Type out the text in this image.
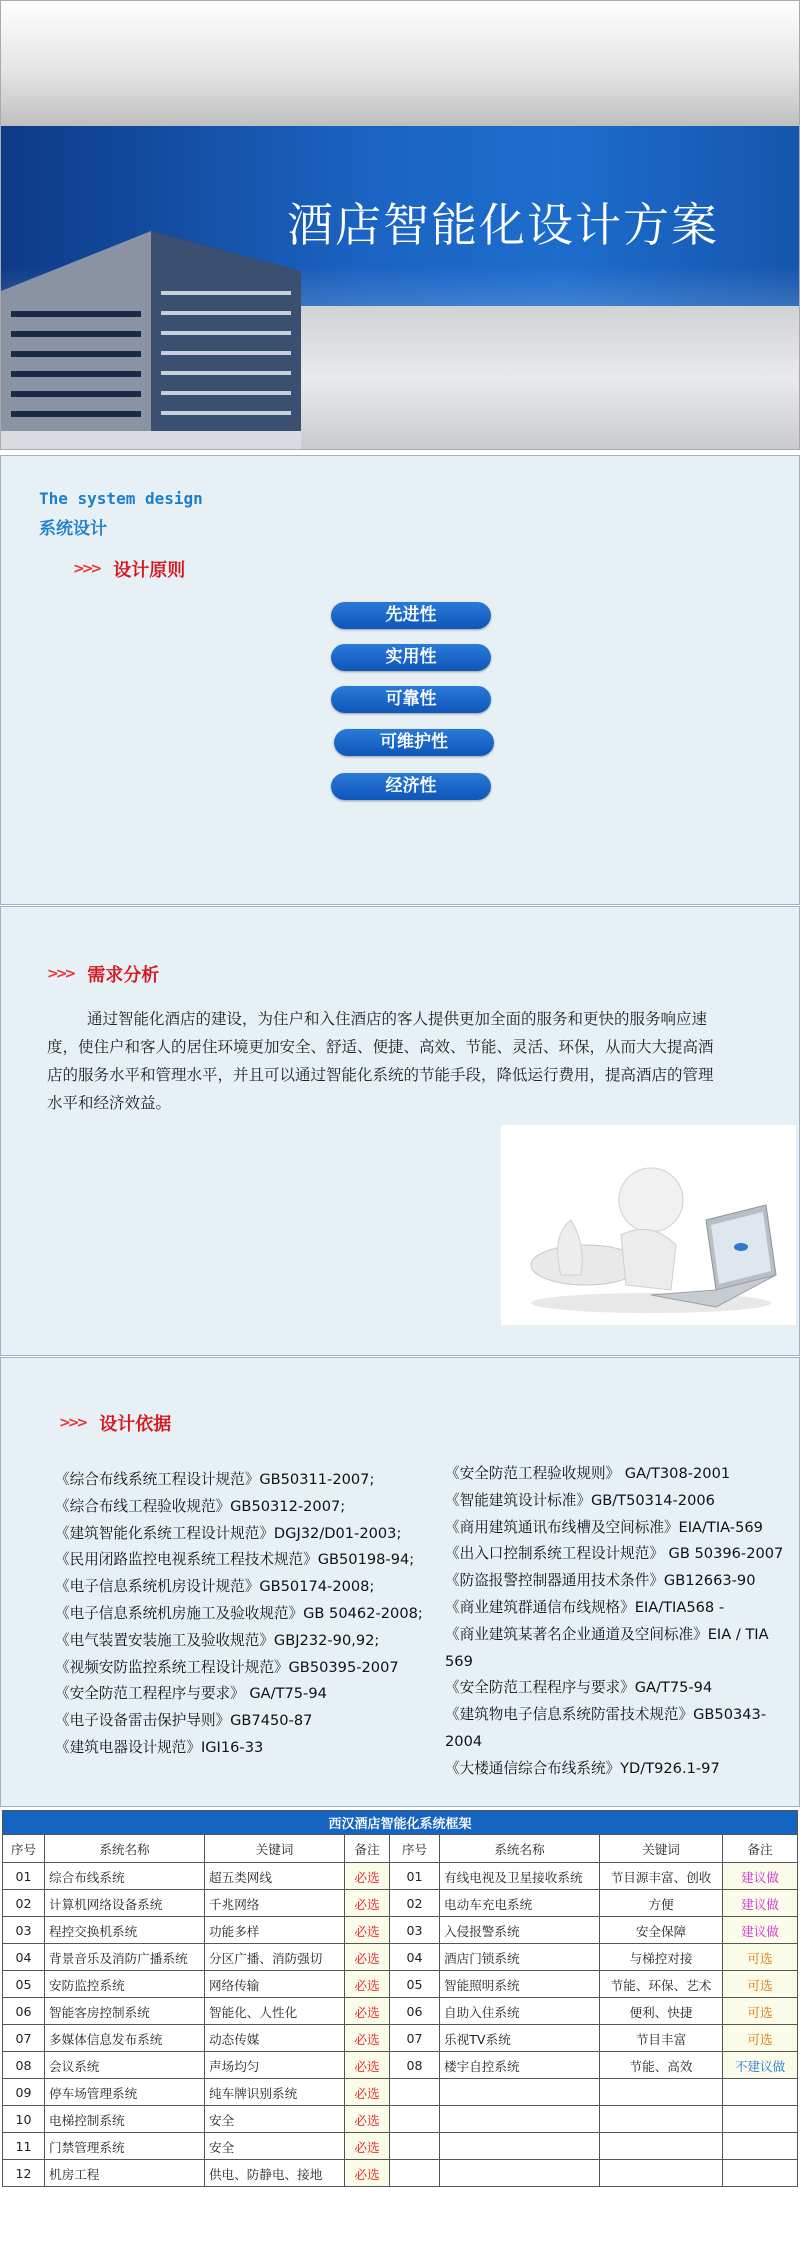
酒店智能化设计方案
The system design
系统设计
>>> 设计原则
先进性
实用性
可靠性
可维护性
经济性
>>> 需求分析
通过智能化酒店的建设，为住户和入住酒店的客人提供更加全面的服务和更快的服务响应速度，使住户和客人的居住环境更加安全、舒适、便捷、高效、节能、灵活、环保，从而大大提高酒店的服务水平和管理水平，并且可以通过智能化系统的节能手段，降低运行费用，提高酒店的管理水平和经济效益。
>>> 设计依据
《综合布线系统工程设计规范》GB50311-2007;
《综合布线工程验收规范》GB50312-2007;
《建筑智能化系统工程设计规范》DGJ32/D01-2003;
《民用闭路监控电视系统工程技术规范》GB50198-94;
《电子信息系统机房设计规范》GB50174-2008;
《电子信息系统机房施工及验收规范》GB 50462-2008;
《电气装置安装施工及验收规范》GBJ232-90,92;
《视频安防监控系统工程设计规范》GB50395-2007
《安全防范工程程序与要求》 GA/T75-94
《电子设备雷击保护导则》GB7450-87
《建筑电器设计规范》IGI16-33
《安全防范工程验收规则》 GA/T308-2001
《智能建筑设计标准》GB/T50314-2006
《商用建筑通讯布线槽及空间标准》EIA/TIA-569
《出入口控制系统工程设计规范》 GB 50396-2007
《防盗报警控制器通用技术条件》GB12663-90
《商业建筑群通信布线规格》EIA/TIA568 -
《商业建筑某著名企业通道及空间标准》EIA / TIA
569
《安全防范工程程序与要求》GA/T75-94
《建筑物电子信息系统防雷技术规范》GB50343-
2004
《大楼通信综合布线系统》YD/T926.1-97
西汉酒店智能化系统框架							
序号	系统名称	关键词	备注	序号	系统名称	关键词	备注
01	综合布线系统	超五类网线	必选	01	有线电视及卫星接收系统	节目源丰富、创收	建议做
02	计算机网络设备系统	千兆网络	必选	02	电动车充电系统	方便	建议做
03	程控交换机系统	功能多样	必选	03	入侵报警系统	安全保障	建议做
04	背景音乐及消防广播系统	分区广播、消防强切	必选	04	酒店门锁系统	与梯控对接	可选
05	安防监控系统	网络传输	必选	05	智能照明系统	节能、环保、艺术	可选
06	智能客房控制系统	智能化、人性化	必选	06	自助入住系统	便利、快捷	可选
07	多媒体信息发布系统	动态传媒	必选	07	乐视TV系统	节目丰富	可选
08	会议系统	声场均匀	必选	08	楼宇自控系统	节能、高效	不建议做
09	停车场管理系统	纯车牌识别系统	必选				
10	电梯控制系统	安全	必选				
11	门禁管理系统	安全	必选				
12	机房工程	供电、防静电、接地	必选				
